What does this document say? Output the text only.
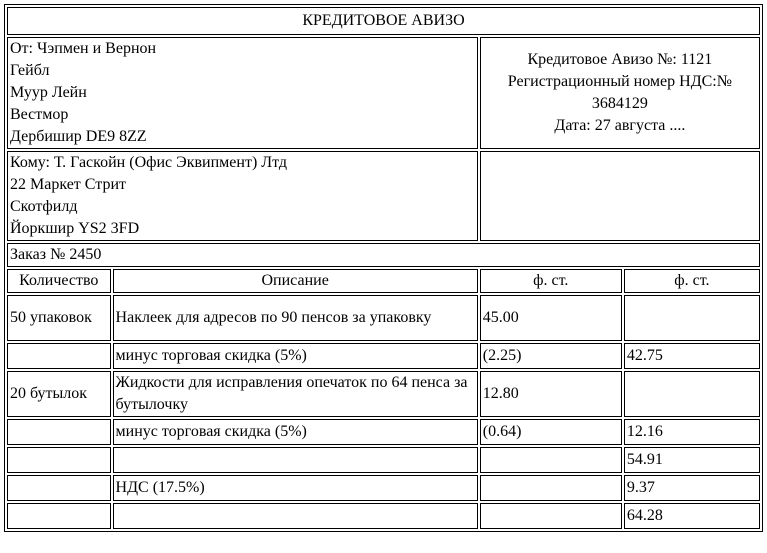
КРЕДИТОВОЕ АВИЗО			

От: Чэпмен и Вернон
Гейбл
Муур Лейн
Вестмор
Дербишир DE9 8ZZ		Кредитовое Авизо №: 1121
Регистрационный номер НДС:№
3684129
Дата: 27 августа ....	

Кому: Т. Гаскойн (Офис Эквипмент) Лтд
22 Маркет Стрит
Скотфилд
Йоркшир YS2 3FD			

Заказ № 2450			
Количество	Описание	ф. ст.	ф. ст.
50 упаковок	Наклеек для адресов по 90 пенсов за упаковку	45.00	
	минус торговая скидка (5%)	(2.25)	42.75
20 бутылок	Жидкости для исправления опечаток по 64 пенса за бутылочку	12.80	
	минус торговая скидка (5%)	(0.64)	12.16
			54.91
	НДС (17.5%)		9.37
			64.28
